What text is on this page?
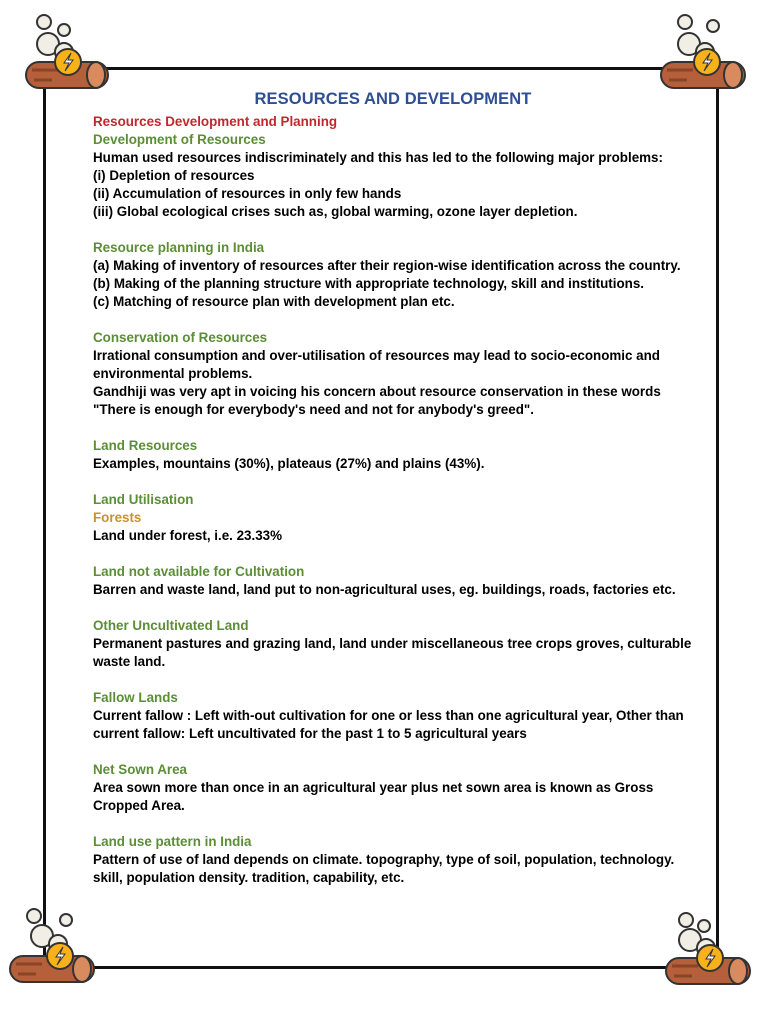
RESOURCES AND DEVELOPMENT
Resources Development and Planning
Development of Resources
Human used resources indiscriminately and this has led to the following major problems:
(i) Depletion of resources
(ii) Accumulation of resources in only few hands
(iii) Global ecological crises such as, global warming, ozone layer depletion.
Resource planning in India
(a) Making of inventory of resources after their region-wise identification across the country.
(b) Making of the planning structure with appropriate technology, skill and institutions.
(c) Matching of resource plan with development plan etc.
Conservation of Resources
Irrational consumption and over-utilisation of resources may lead to socio-economic and environmental problems.
Gandhiji was very apt in voicing his concern about resource conservation in these words "There is enough for everybody's need and not for anybody's greed".
Land Resources
Examples, mountains (30%), plateaus (27%) and plains (43%).
Land Utilisation
Forests
Land under forest, i.e. 23.33%
Land not available for Cultivation
Barren and waste land, land put to non-agricultural uses, eg. buildings, roads, factories etc.
Other Uncultivated Land
Permanent pastures and grazing land, land under miscellaneous tree crops groves, culturable waste land.
Fallow Lands
Current fallow : Left with-out cultivation for one or less than one agricultural year, Other than current fallow: Left uncultivated for the past 1 to 5 agricultural years
Net Sown Area
Area sown more than once in an agricultural year plus net sown area is known as Gross Cropped Area.
Land use pattern in India
Pattern of use of land depends on climate. topography, type of soil, population, technology. skill, population density. tradition, capability, etc.
